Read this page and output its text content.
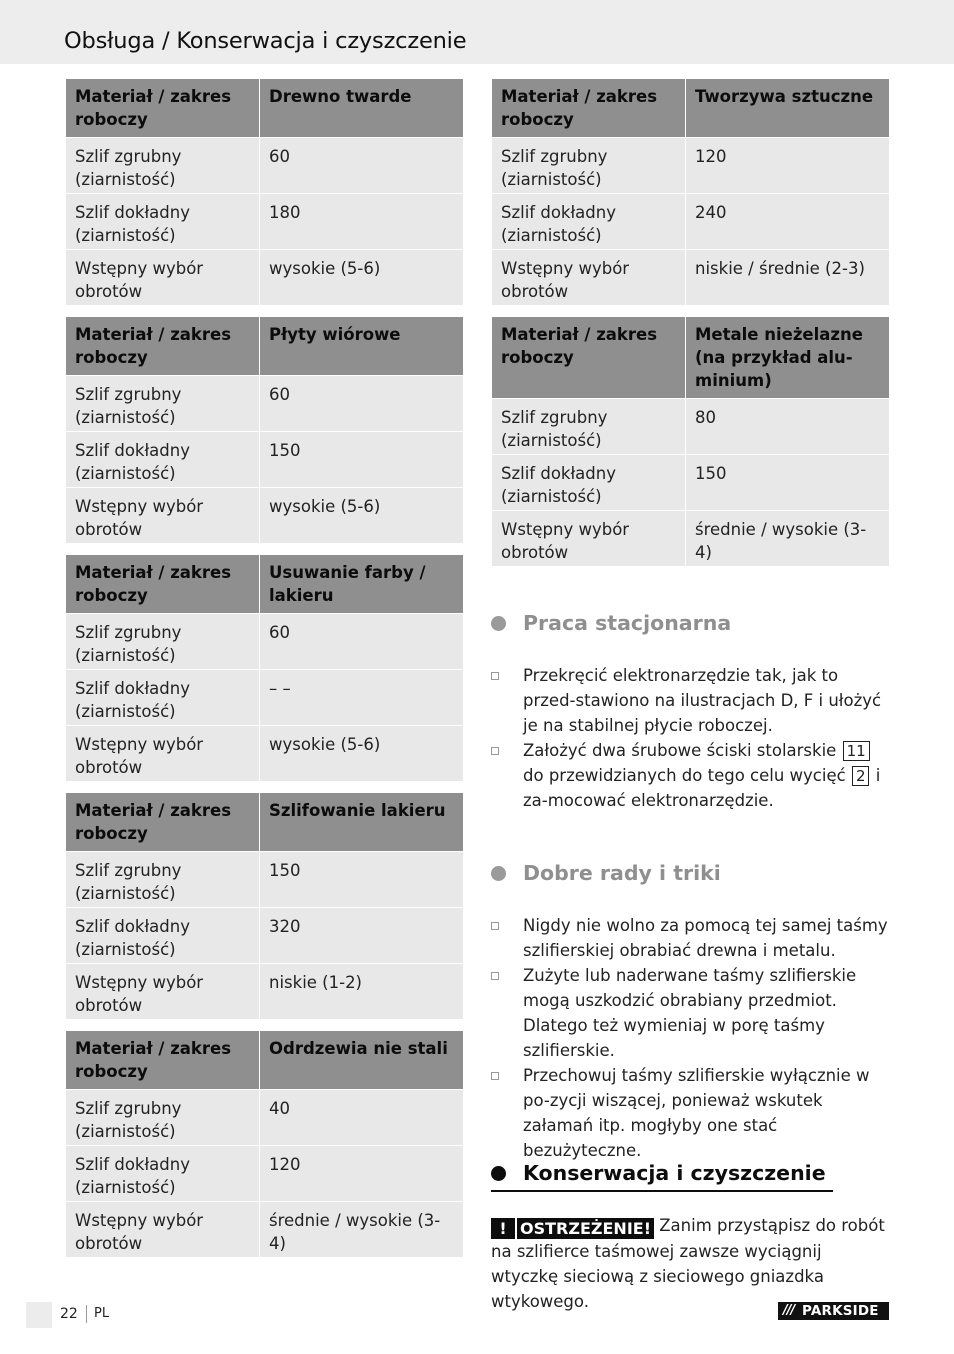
Obsługa / Konserwacja i czyszczenie
Materiał / zakres roboczy	Drewno twarde
Szlif zgrubny (ziarnistość)	60
Szlif dokładny (ziarnistość)	180
Wstępny wybór obrotów	wysokie (5-6)
Materiał / zakres roboczy	Płyty wiórowe
Szlif zgrubny (ziarnistość)	60
Szlif dokładny (ziarnistość)	150
Wstępny wybór obrotów	wysokie (5-6)
Materiał / zakres roboczy	Usuwanie farby / lakieru
Szlif zgrubny (ziarnistość)	60
Szlif dokładny (ziarnistość)	– –
Wstępny wybór obrotów	wysokie (5-6)
Materiał / zakres roboczy	Szlifowanie lakieru
Szlif zgrubny (ziarnistość)	150
Szlif dokładny (ziarnistość)	320
Wstępny wybór obrotów	niskie (1-2)
Materiał / zakres roboczy	Odrdzewia nie stali
Szlif zgrubny (ziarnistość)	40
Szlif dokładny (ziarnistość)	120
Wstępny wybór obrotów	średnie / wysokie (3-4)
Materiał / zakres roboczy	Tworzywa sztuczne
Szlif zgrubny (ziarnistość)	120
Szlif dokładny (ziarnistość)	240
Wstępny wybór obrotów	niskie / średnie (2-3)
Materiał / zakres roboczy	Metale nieżelazne (na przykład alu-minium)
Szlif zgrubny (ziarnistość)	80
Szlif dokładny (ziarnistość)	150
Wstępny wybór obrotów	średnie / wysokie (3-4)
Praca stacjonarna
Przekręcić elektronarzędzie tak, jak to przed-stawiono na ilustracjach D, F i ułożyć je na stabilnej płycie roboczej.
Założyć dwa śrubowe ściski stolarskie 11 do przewidzianych do tego celu wycięć 2 i za-mocować elektronarzędzie.
Dobre rady i triki
Nigdy nie wolno za pomocą tej samej taśmy szlifierskiej obrabiać drewna i metalu.
Zużyte lub naderwane taśmy szlifierskie mogą uszkodzić obrabiany przedmiot. Dlatego też wymieniaj w porę taśmy szlifierskie.
Przechowuj taśmy szlifierskie wyłącznie w po-zycji wiszącej, ponieważ wskutek załamań itp. mogłyby one stać bezużyteczne.
Konserwacja i czyszczenie
! OSTRZEŻENIE! Zanim przystąpisz do robót na szlifierce taśmowej zawsze wyciągnij wtyczkę sieciową z sieciowego gniazdka wtykowego.
22 PL	/// PARKSIDE
